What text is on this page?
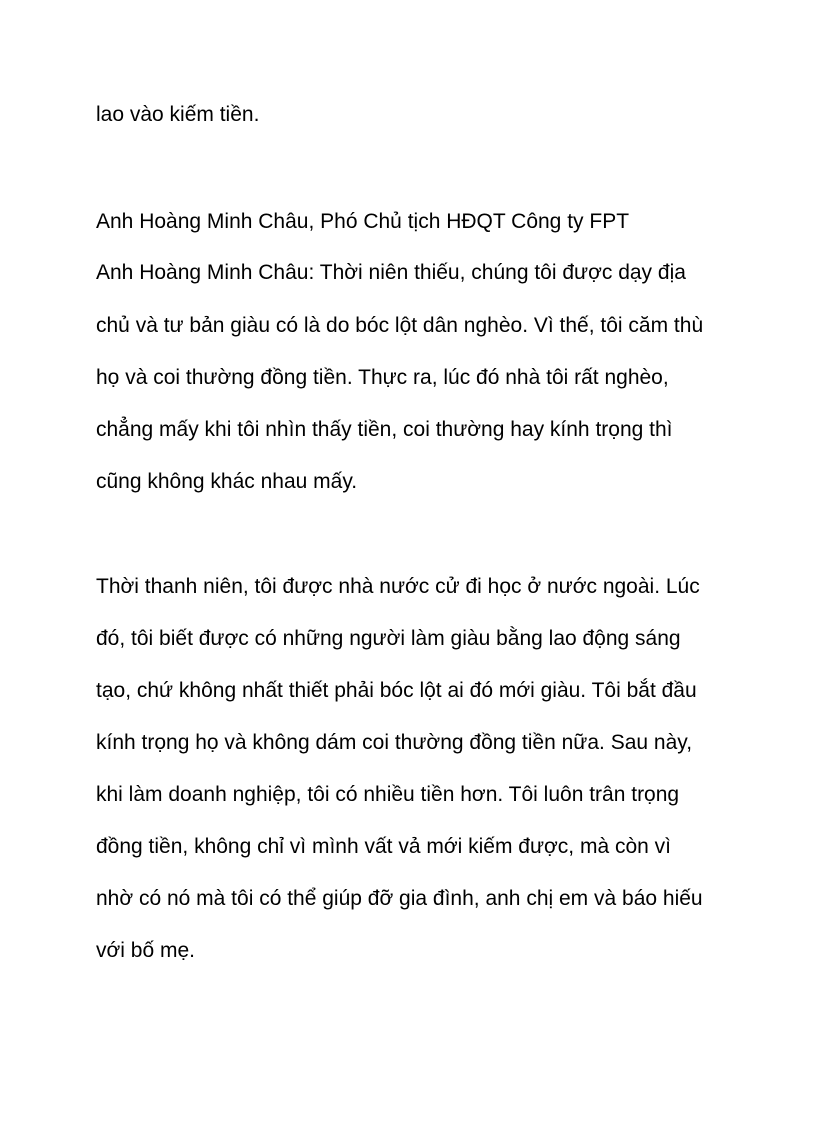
lao vào kiếm tiền.
Anh Hoàng Minh Châu, Phó Chủ tịch HĐQT Công ty FPT
Anh Hoàng Minh Châu: Thời niên thiếu, chúng tôi được dạy địa
chủ và tư bản giàu có là do bóc lột dân nghèo. Vì thế, tôi căm thù
họ và coi thường đồng tiền. Thực ra, lúc đó nhà tôi rất nghèo,
chẳng mấy khi tôi nhìn thấy tiền, coi thường hay kính trọng thì
cũng không khác nhau mấy.
Thời thanh niên, tôi được nhà nước cử đi học ở nước ngoài. Lúc
đó, tôi biết được có những người làm giàu bằng lao động sáng
tạo, chứ không nhất thiết phải bóc lột ai đó mới giàu. Tôi bắt đầu
kính trọng họ và không dám coi thường đồng tiền nữa. Sau này,
khi làm doanh nghiệp, tôi có nhiều tiền hơn. Tôi luôn trân trọng
đồng tiền, không chỉ vì mình vất vả mới kiếm được, mà còn vì
nhờ có nó mà tôi có thể giúp đỡ gia đình, anh chị em và báo hiếu
với bố mẹ.
